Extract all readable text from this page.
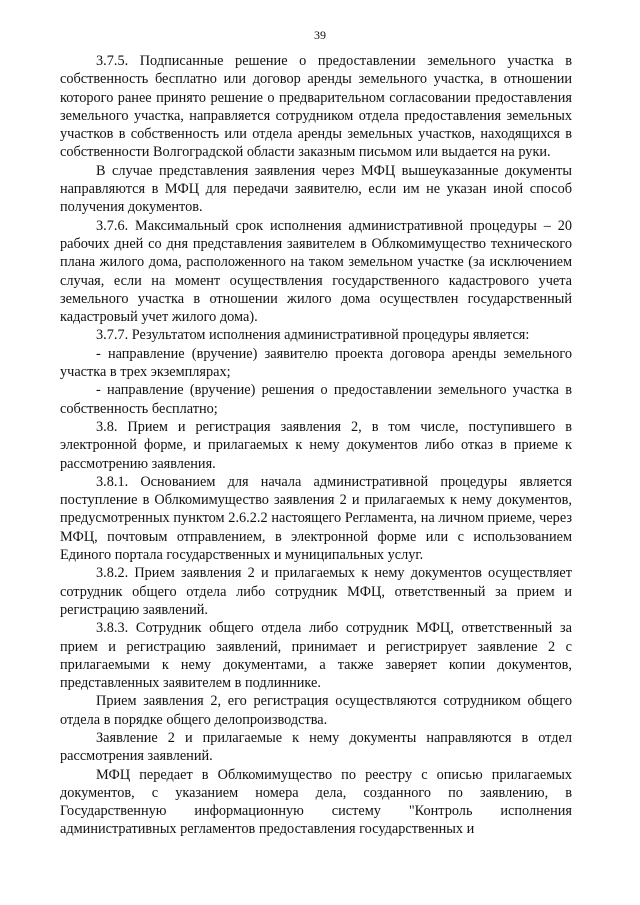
39

3.7.5. Подписанные решение о предоставлении земельного участка в собственность бесплатно или договор аренды земельного участка, в отношении которого ранее принято решение о предварительном согласовании предоставления земельного участка, направляется сотрудником отдела предоставления земельных участков в собственность или отдела аренды земельных участков, находящихся в собственности Волгоградской области заказным письмом или выдается на руки.

В случае представления заявления через МФЦ вышеуказанные документы направляются в МФЦ для передачи заявителю, если им не указан иной способ получения документов.

3.7.6. Максимальный срок исполнения административной процедуры – 20 рабочих дней со дня представления заявителем в Облкомимущество технического плана жилого дома, расположенного на таком земельном участке (за исключением случая, если на момент осуществления государственного кадастрового учета земельного участка в отношении жилого дома осуществлен государственный кадастровый учет жилого дома).

3.7.7. Результатом исполнения административной процедуры является:

- направление (вручение) заявителю проекта договора аренды земельного участка в трех экземплярах;

- направление (вручение) решения о предоставлении земельного участка в собственность бесплатно;

3.8. Прием и регистрация заявления 2, в том числе, поступившего в электронной форме, и прилагаемых к нему документов либо отказ в приеме к рассмотрению заявления.

3.8.1. Основанием для начала административной процедуры является поступление в Облкомимущество заявления 2 и прилагаемых к нему документов, предусмотренных пунктом 2.6.2.2 настоящего Регламента, на личном приеме, через МФЦ, почтовым отправлением, в электронной форме или с использованием Единого портала государственных и муниципальных услуг.

3.8.2. Прием заявления 2 и прилагаемых к нему документов осуществляет сотрудник общего отдела либо сотрудник МФЦ, ответственный за прием и регистрацию заявлений.

3.8.3. Сотрудник общего отдела либо сотрудник МФЦ, ответственный за прием и регистрацию заявлений, принимает и регистрирует заявление 2 с прилагаемыми к нему документами, а также заверяет копии документов, представленных заявителем в подлиннике.

Прием заявления 2, его регистрация осуществляются сотрудником общего отдела в порядке общего делопроизводства.

Заявление 2 и прилагаемые к нему документы направляются в отдел рассмотрения заявлений.

МФЦ передает в Облкомимущество по реестру с описью прилагаемых документов, с указанием номера дела, созданного по заявлению, в Государственную информационную систему "Контроль исполнения административных регламентов предоставления государственных и
